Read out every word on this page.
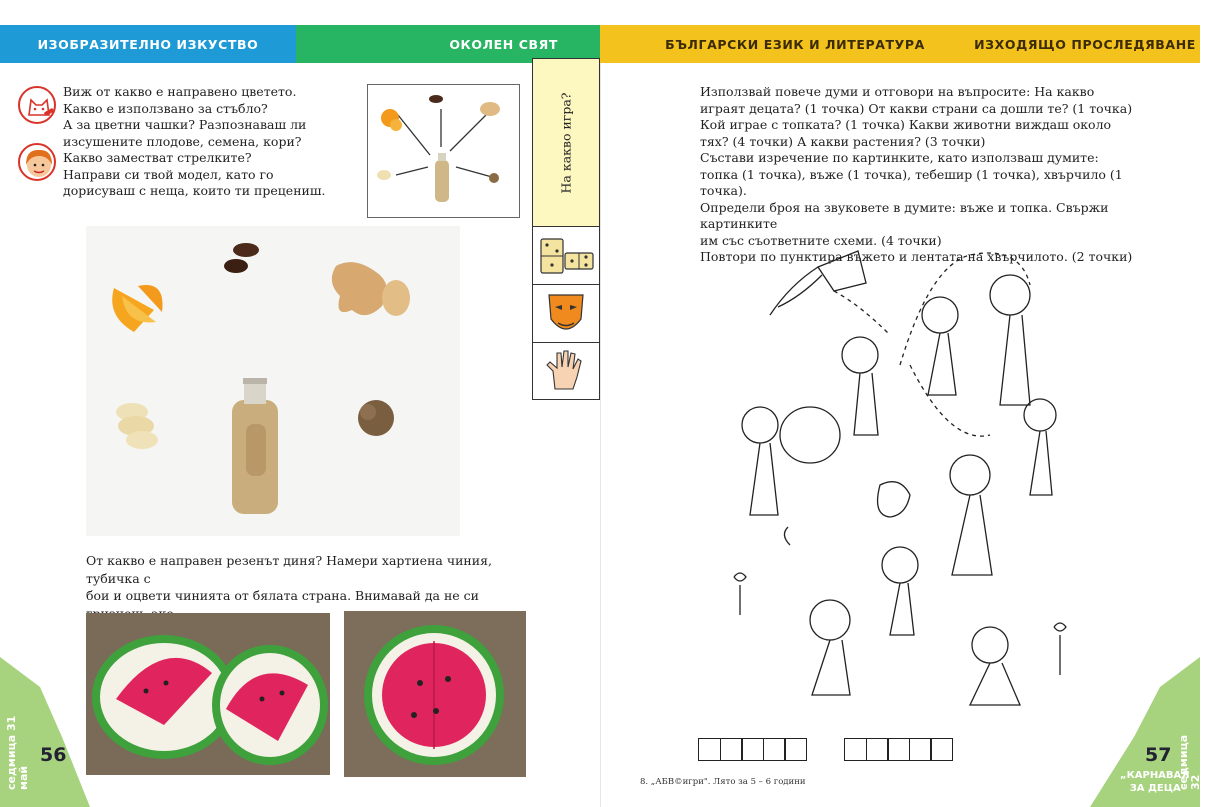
ИЗОБРАЗИТЕЛНО ИЗКУСТВО	ОКОЛЕН СВЯТ	БЪЛГАРСКИ ЕЗИК И ЛИТЕРАТУРА	ИЗХОДЯЩО ПРОСЛЕДЯВАНЕ
Виж от какво е направено цветето.
Какво е използвано за стъбло?
А за цветни чашки? Разпознаваш ли
изсушените плодове, семена, кори?
Какво заместват стрелките?
Направи си твой модел, като го
дорисуваш с неща, които ти прецениш.	На какво игра?
От какво е направен резенът диня? Намери хартиена чиния, тубичка с
бои и оцвети чинията от бялата страна. Внимавай да не си
седмица 31 май
56
Използвай повече думи и отговори на въпросите: На какво
играят децата? (1 точка) От какви страни са дошли те? (1 точка)
Кой играе с топката? (1 точка) Какви животни виждаш около
тях? (4 точки) А какви растения? (3 точки)
Състави изречение по картинките, като използваш думите:
топка (1 точка), въже (1 точка), тебешир (1 точка), хвърчило (1 точка).
Определи броя на звуковете в думите: въже и топка. Свържи картинките
им със съответните схеми. (4 точки)
Повтори по пунктира въжето и лентата на хвърчилото. (2 точки)
8. „АБВ©игри". Лято за 5 – 6 години	седмица 32 май
57
„КАРНАВАЛ
ЗА ДЕЦА"
